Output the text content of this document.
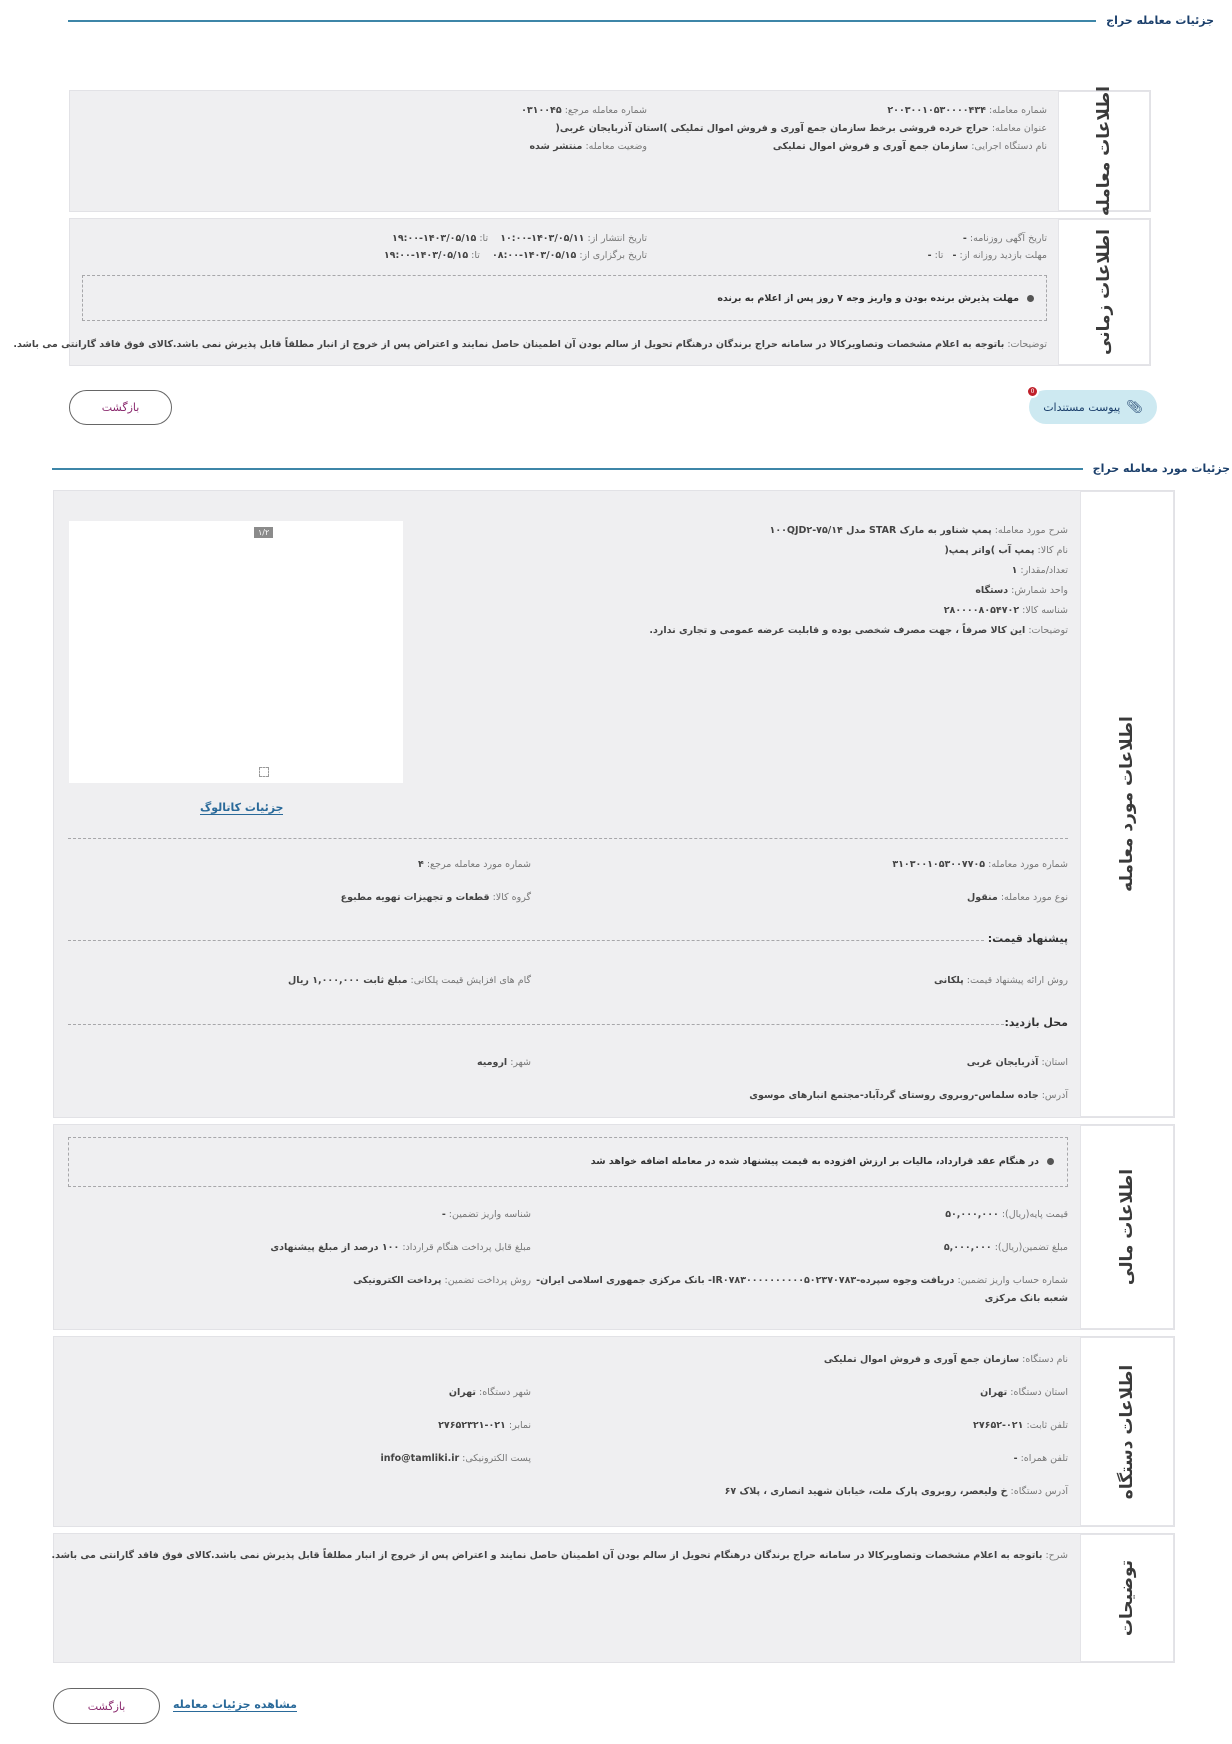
جزئیات معامله حراج
اطلاعات معامله
شماره معامله: ۲۰۰۳۰۰۱۰۵۳۰۰۰۰۴۳۴
عنوان معامله: حراج خرده فروشی برخط سازمان جمع آوری و فروش اموال تملیکی )استان آذربایجان غربی(
نام دستگاه اجرایی: سازمان جمع آوری و فروش اموال تملیکی
شماره معامله مرجع: ۰۳۱۰۰۴۵
وضعیت معامله: منتشر شده
اطلاعات زمانی
تاریخ آگهی روزنامه: -
مهلت بازدید روزانه از: -   تا: -
تاریخ انتشار از: ۱۴۰۳/۰۵/۱۱-۱۰:۰۰    تا: ۱۴۰۳/۰۵/۱۵-۱۹:۰۰
تاریخ برگزاری از: ۱۴۰۳/۰۵/۱۵-۰۸:۰۰    تا: ۱۴۰۳/۰۵/۱۵-۱۹:۰۰
مهلت پذیرش برنده بودن و واریز وجه ۷ روز پس از اعلام به برنده
توضیحات: باتوجه به اعلام مشخصات وتصاویرکالا در سامانه حراج برندگان درهنگام تحویل از سالم بودن آن اطمینان حاصل نمایند و اعتراض پس از خروج از انبار مطلقاً قابل پذیرش نمی باشد.کالای فوق فاقد گارانتی می باشد.
📎︎
پیوست مستندات
0
بازگشت
جزئیات مورد معامله حراج
اطلاعات مورد معامله
شرح مورد معامله: پمپ شناور به مارک STAR مدل ۱۰۰QJD۲-۷۵/۱۴
نام کالا: پمپ آب )واتر پمپ(
تعداد/مقدار: ۱
واحد شمارش: دستگاه
شناسه کالا: ۲۸۰۰۰۰۸۰۵۴۷۰۲
توضیحات: این کالا صرفاً ، جهت مصرف شخصی بوده و قابلیت عرضه عمومی و تجاری ندارد.
۱/۲
جزئیات کاتالوگ
شماره مورد معامله: ۳۱۰۳۰۰۱۰۵۳۰۰۷۷۰۵
شماره مورد معامله مرجع: ۴
نوع مورد معامله: منقول
گروه کالا: قطعات و تجهیزات تهویه مطبوع
پیشنهاد قیمت:
روش ارائه پیشنهاد قیمت: پلکانی
گام های افزایش قیمت پلکانی: مبلغ ثابت ۱,۰۰۰,۰۰۰ ریال
محل بازدید:
استان: آذربایجان غربی
شهر: ارومیه
آدرس: جاده سلماس-روبروی روستای گردآباد-مجتمع انبارهای موسوی
اطلاعات مالی
در هنگام عقد قرارداد، مالیات بر ارزش افزوده به قیمت پیشنهاد شده در معامله اضافه خواهد شد
قیمت پایه(ریال): ۵۰,۰۰۰,۰۰۰
شناسه واریز تضمین: -
مبلغ تضمین(ریال): ۵,۰۰۰,۰۰۰
مبلغ قابل پرداخت هنگام قرارداد: ۱۰۰ درصد از مبلغ پیشنهادی
شماره حساب واریز تضمین: دریافت وجوه سپرده-IR۰۷۸۳۰۰۰۰۰۰۰۰۰۰۵۰۲۳۷۰۷۸۳- بانک مرکزی جمهوری اسلامی ایران-
شعبه بانک مرکزی
روش پرداخت تضمین: پرداخت الکترونیکی
اطلاعات دستگاه
نام دستگاه: سازمان جمع آوری و فروش اموال تملیکی
استان دستگاه: تهران
شهر دستگاه: تهران
تلفن ثابت: ۰۲۱-۲۷۶۵۲
نمابر: ۰۲۱-۲۷۶۵۲۳۲۱
تلفن همراه: -
پست الکترونیکی: info@tamliki.ir
آدرس دستگاه: خ ولیعصر، روبروی پارک ملت، خیابان شهید انصاری ، پلاک ۶۷
توضیحات
شرح: باتوجه به اعلام مشخصات وتصاویرکالا در سامانه حراج برندگان درهنگام تحویل از سالم بودن آن اطمینان حاصل نمایند و اعتراض پس از خروج از انبار مطلقاً قابل پذیرش نمی باشد.کالای فوق فاقد گارانتی می باشد.
مشاهده جزئیات معامله
بازگشت
